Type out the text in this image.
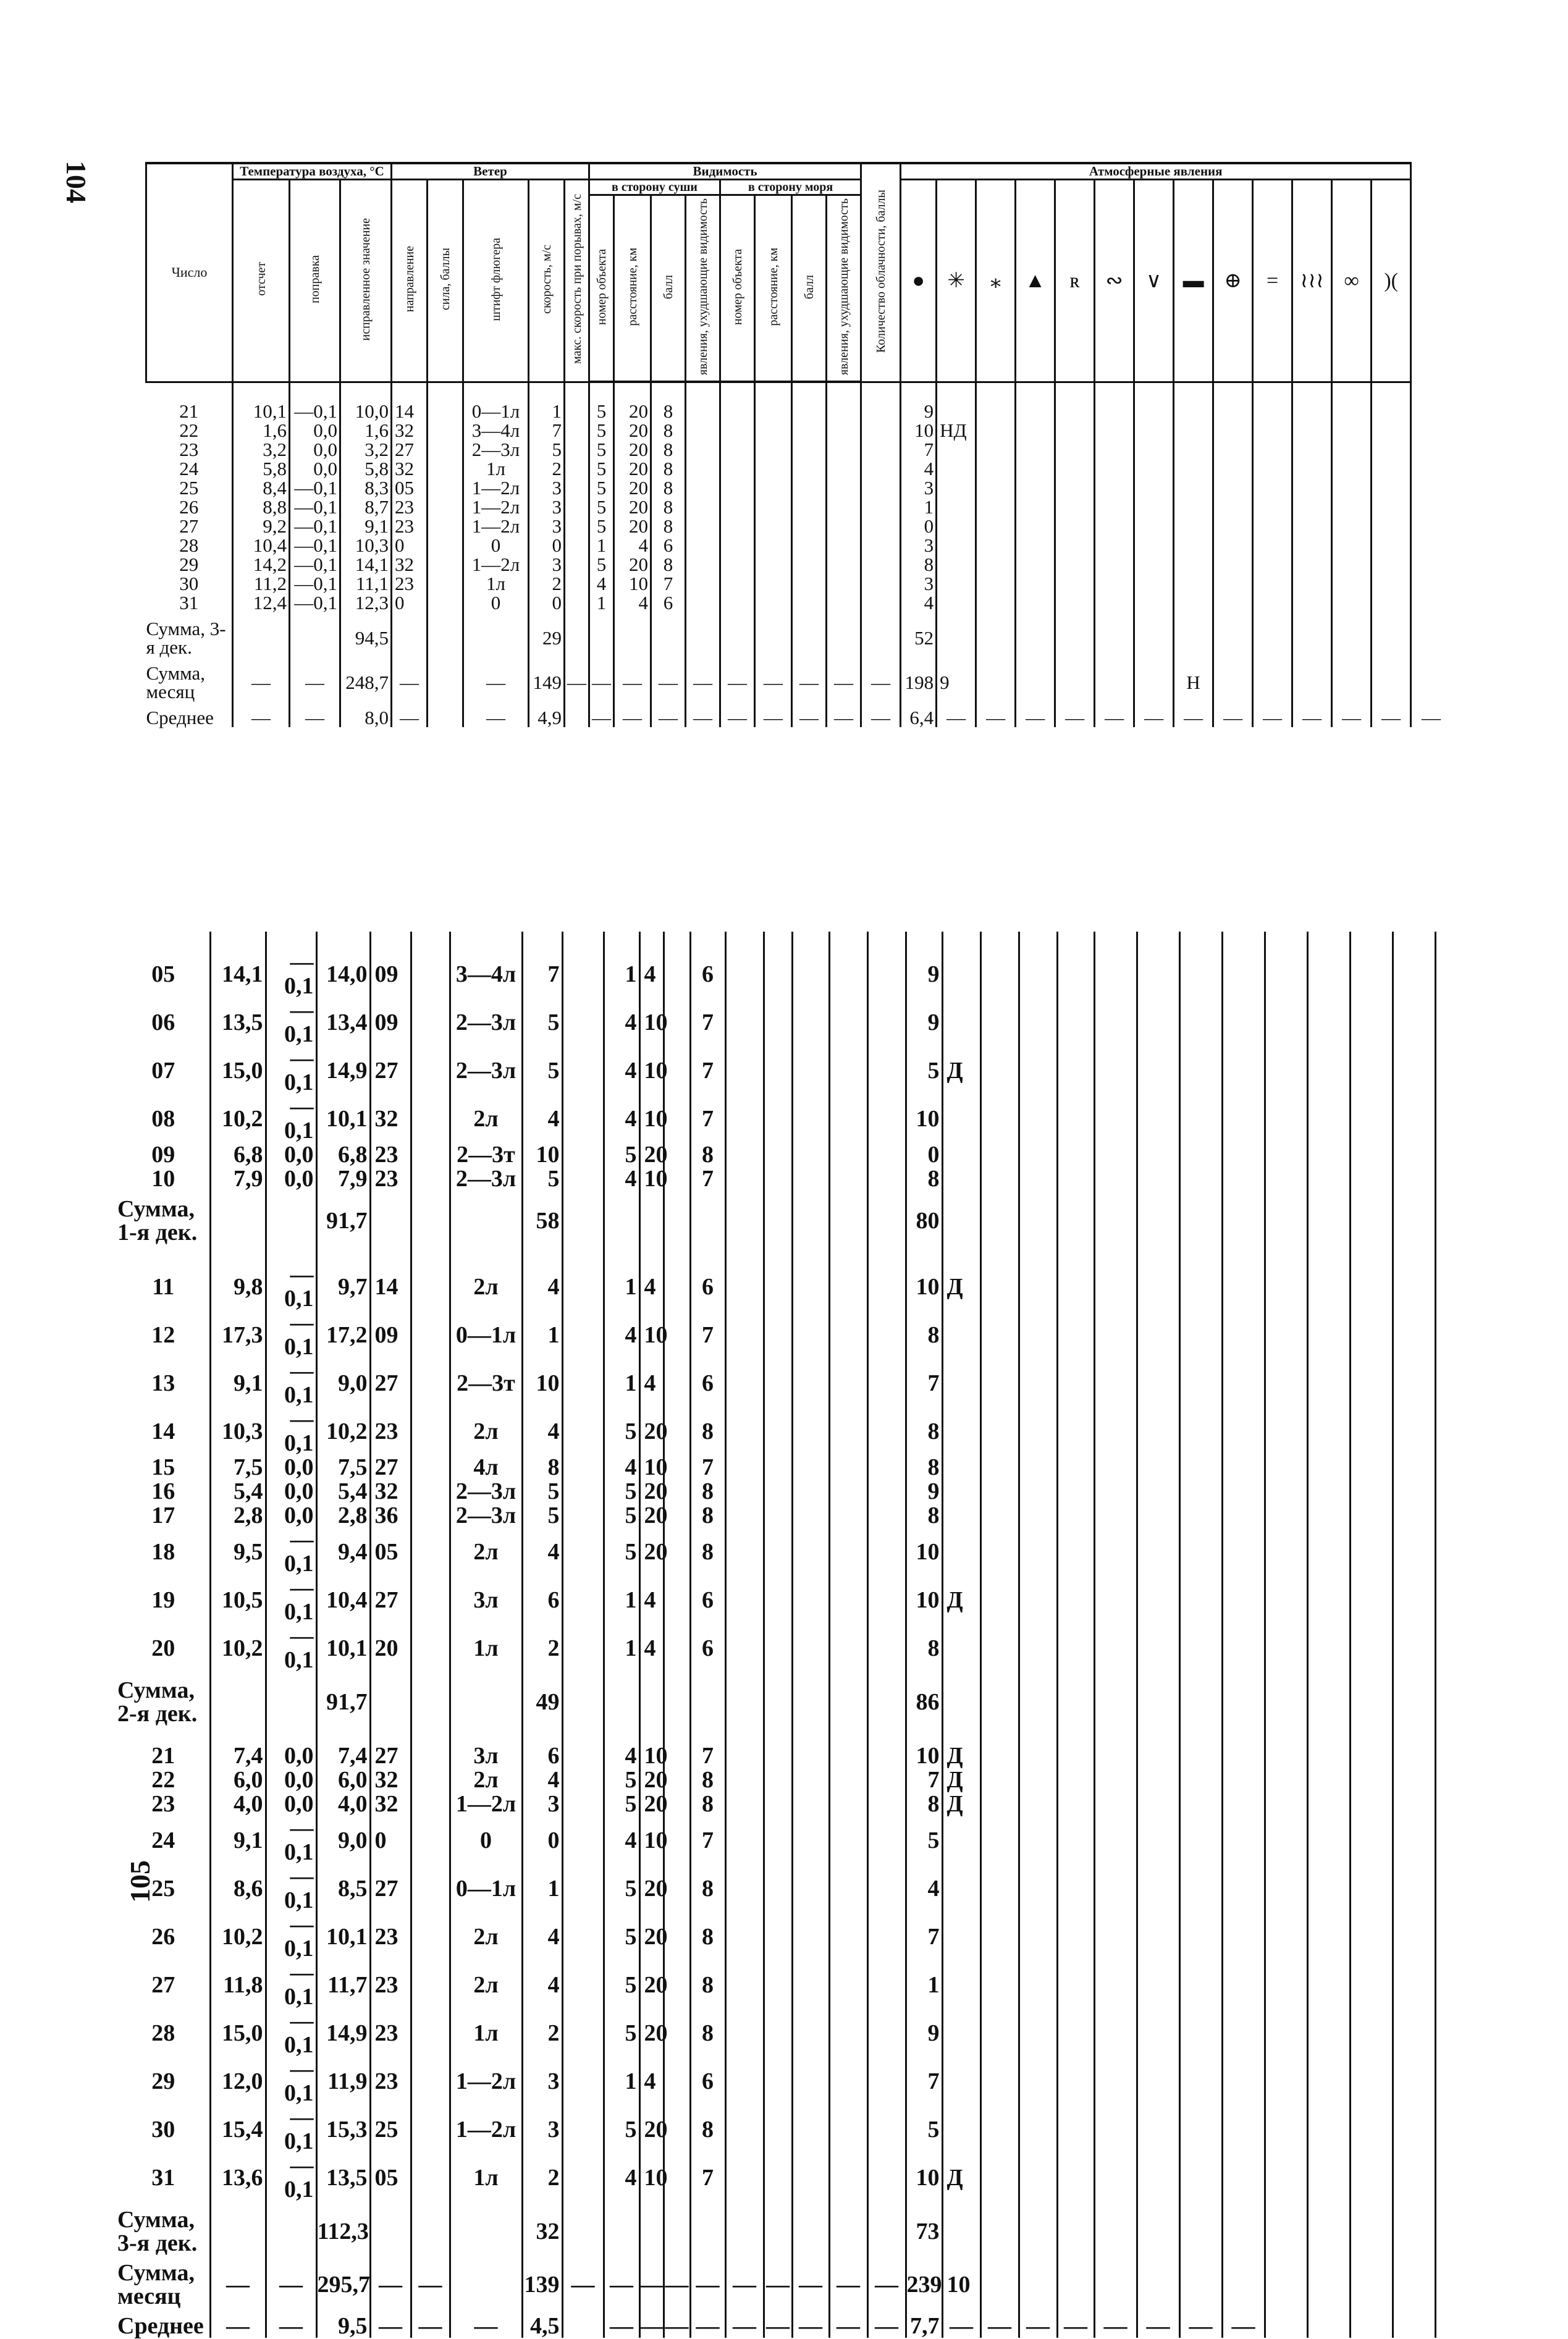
104
105
Число	Температура воздуха, °С			Ветер					Видимость								Количество облачности, баллы	Атмосферные явления													
	отсчет	поправка	исправленное значение	направление	сила, баллы	штифт флюгера	скорость, м/с	макс. скорость при порывах, м/с	в сторону суши				в сторону моря					●	✳	⁎	▲	ʀ	∾	∨	▬	⊕	=	≀≀≀	∞	)(	
									номер объекта	расстояние, км	балл	явления, ухудшающие видимость	номер объекта	расстояние, км	балл	явления, ухудшающие видимость															
21	10,1	—0,1	10,0	14		0—1л	1		5	20	8							9													
22	1,6	0,0	1,6	32		3—4л	7		5	20	8							10	НД												
23	3,2	0,0	3,2	27		2—3л	5		5	20	8							7													
24	5,8	0,0	5,8	32		1л	2		5	20	8							4													
25	8,4	—0,1	8,3	05		1—2л	3		5	20	8							3													
26	8,8	—0,1	8,7	23		1—2л	3		5	20	8							1													
27	9,2	—0,1	9,1	23		1—2л	3		5	20	8							0													
28	10,4	—0,1	10,3	0		0	0		1	4	6							3													
29	14,2	—0,1	14,1	32		1—2л	3		5	20	8							8													
30	11,2	—0,1	11,1	23		1л	2		4	10	7							3													
31	12,4	—0,1	12,3	0		0	0		1	4	6							4													
Сумма, 3-я дек.			94,5				29											52													
Сумма, месяц	—	—	248,7	—		—	149	—	—	—	—	—	—	—	—	—	—	198	9						Н						
Среднее	—	—	8,0	—		—	4,9		—	—	—	—	—	—	—	—	—	6,4	—	—	—	—	—	—	—	—	—	—	—	—	—

05	14,1	—0,1	14,0	09		3—4л	7		1	4		6						9													
06	13,5	—0,1	13,4	09		2—3л	5		4	10		7						9													
07	15,0	—0,1	14,9	27		2—3л	5		4	10		7						5	Д												
08	10,2	—0,1	10,1	32		2л	4		4	10		7						10													
09	6,8	0,0	6,8	23		2—3т	10		5	20		8						0													
10	7,9	0,0	7,9	23		2—3л	5		4	10		7						8													
Сумма, 1-я дек.			91,7				58											80													

11	9,8	—0,1	9,7	14		2л	4		1	4		6						10	Д												
12	17,3	—0,1	17,2	09		0—1л	1		4	10		7						8													
13	9,1	—0,1	9,0	27		2—3т	10		1	4		6						7													
14	10,3	—0,1	10,2	23		2л	4		5	20		8						8													
15	7,5	0,0	7,5	27		4л	8		4	10		7						8													
16	5,4	0,0	5,4	32		2—3л	5		5	20		8						9													
17	2,8	0,0	2,8	36		2—3л	5		5	20		8						8													
18	9,5	—0,1	9,4	05		2л	4		5	20		8						10													
19	10,5	—0,1	10,4	27		3л	6		1	4		6						10	Д												
20	10,2	—0,1	10,1	20		1л	2		1	4		6						8													
Сумма, 2-я дек.			91,7				49											86													

21	7,4	0,0	7,4	27		3л	6		4	10		7						10	Д												
22	6,0	0,0	6,0	32		2л	4		5	20		8						7	Д												
23	4,0	0,0	4,0	32		1—2л	3		5	20		8						8	Д												
24	9,1	—0,1	9,0	0		0	0		4	10		7						5													
25	8,6	—0,1	8,5	27		0—1л	1		5	20		8						4													
26	10,2	—0,1	10,1	23		2л	4		5	20		8						7													
27	11,8	—0,1	11,7	23		2л	4		5	20		8						1													
28	15,0	—0,1	14,9	23		1л	2		5	20		8						9													
29	12,0	—0,1	11,9	23		1—2л	3		1	4		6						7													
30	15,4	—0,1	15,3	25		1—2л	3		5	20		8						5													
31	13,6	—0,1	13,5	05		1л	2		4	10		7						10	Д												
Сумма, 3-я дек.			112,3				32											73													
Сумма, месяц	—	—	295,7	—	—		139	—	—	—	—	—	—	—	—	—	—	239	10												
Среднее	—	—	9,5	—	—	—	4,5		—	—	—	—	—	—	—	—	—	7,7	—	—	—	—	—	—	—	—					
